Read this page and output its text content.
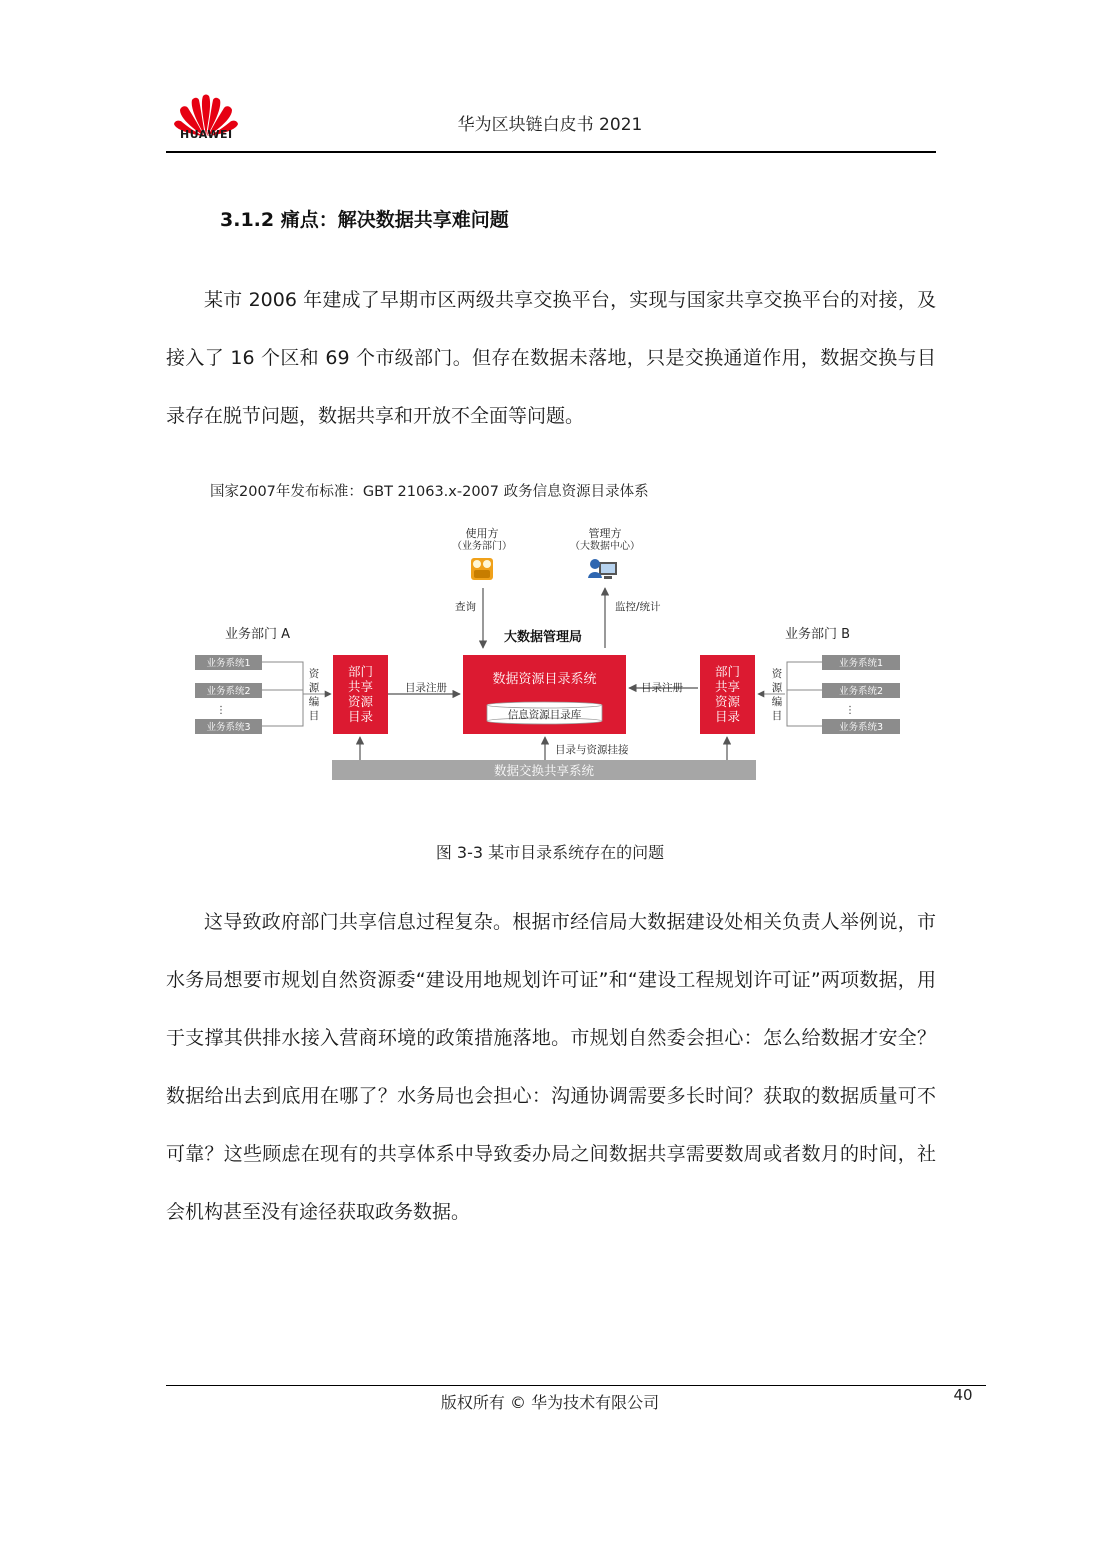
HUAWEI	华为区块链白皮书 2021
3.1.2 痛点：解决数据共享难问题

某市 2006 年建成了早期市区两级共享交换平台，实现与国家共享交换平台的对接，及接入了 16 个区和 69 个市级部门。但存在数据未落地，只是交换通道作用，数据交换与目录存在脱节问题，数据共享和开放不全面等问题。

国家2007年发布标准：GBT 21063.x-2007 政务信息资源目录体系
使用方
（业务部门）
管理方
（大数据中心）
查询	监控/统计
大数据管理局
业务部门 A	业务部门 B
业务系统1
业务系统2
⋮
业务系统3
资
源
编
目
部门
共享
资源
目录
目录注册
数据资源目录系统
信息资源目录库
目录注册
部门
共享
资源
目录
资
源
编
目
业务系统1
业务系统2
⋮
业务系统3
目录与资源挂接
数据交换共享系统
图 3-3 某市目录系统存在的问题

这导致政府部门共享信息过程复杂。根据市经信局大数据建设处相关负责人举例说，市水务局想要市规划自然资源委“建设用地规划许可证”和“建设工程规划许可证”两项数据，用于支撑其供排水接入营商环境的政策措施落地。市规划自然委会担心：怎么给数据才安全？数据给出去到底用在哪了？水务局也会担心：沟通协调需要多长时间？获取的数据质量可不可靠？这些顾虑在现有的共享体系中导致委办局之间数据共享需要数周或者数月的时间，社会机构甚至没有途径获取政务数据。

版权所有 © 华为技术有限公司	40
